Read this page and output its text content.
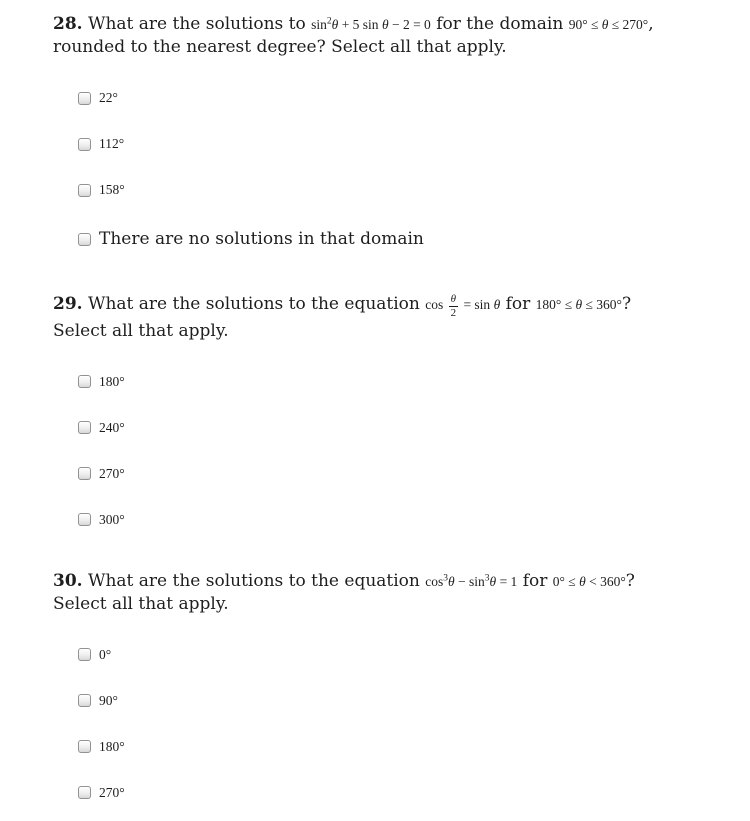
28. What are the solutions to $\sin^2\theta + 5$ sin θ − 2 = 0 for the domain 90° ≤ θ ≤ 270°,
rounded to the nearest degree? Select all that apply.
22°
112°
158°
There are no solutions in that domain
29. What are the solutions to the equation $\cos \frac{\theta}{2} = \sin \theta$ for 180° ≤ θ ≤ 360°?
Select all that apply.
180°
240°
270°
300°
30. What are the solutions to the equation $\cos^3\theta - \sin^3\theta = 1$ for 0° ≤ θ < 360°?
Select all that apply.
0°
90°
180°
270°
